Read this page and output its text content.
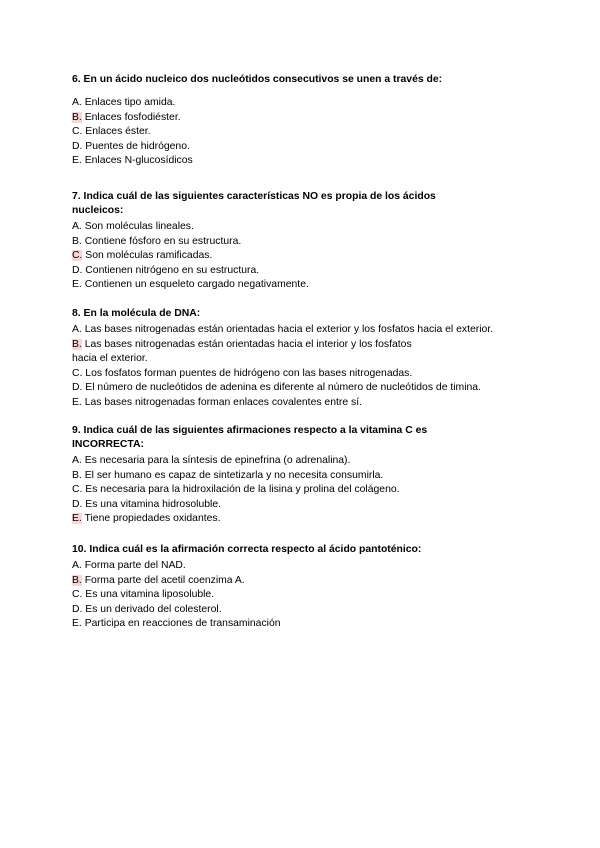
6. En un ácido nucleico dos nucleótidos consecutivos se unen a través de:
A. Enlaces tipo amida.
B. Enlaces fosfodiéster.
C. Enlaces éster.
D. Puentes de hidrógeno.
E. Enlaces N-glucosídicos
7. Indica cuál de las siguientes características NO es propia de los ácidos nucleicos:
A. Son moléculas lineales.
B. Contiene fósforo en su estructura.
C. Son moléculas ramificadas.
D. Contienen nitrógeno en su estructura.
E. Contienen un esqueleto cargado negativamente.
8. En la molécula de DNA:
A. Las bases nitrogenadas están orientadas hacia el exterior y los fosfatos hacia el exterior.
B. Las bases nitrogenadas están orientadas hacia el interior y los fosfatos
hacia el exterior.
C. Los fosfatos forman puentes de hidrógeno con las bases nitrogenadas.
D. El número de nucleótidos de adenina es diferente al número de nucleótidos de timina.
E. Las bases nitrogenadas forman enlaces covalentes entre sí.
9. Indica cuál de las siguientes afirmaciones respecto a la vitamina C es INCORRECTA:
A. Es necesaria para la síntesis de epinefrina (o adrenalina).
B. El ser humano es capaz de sintetizarla y no necesita consumirla.
C. Es necesaria para la hidroxilación de la lisina y prolina del colágeno.
D. Es una vitamina hidrosoluble.
E. Tiene propiedades oxidantes.
10. Indica cuál es la afirmación correcta respecto al ácido pantoténico:
A. Forma parte del NAD.
B. Forma parte del acetil coenzima A.
C. Es una vitamina liposoluble.
D. Es un derivado del colesterol.
E. Participa en reacciones de transaminación
